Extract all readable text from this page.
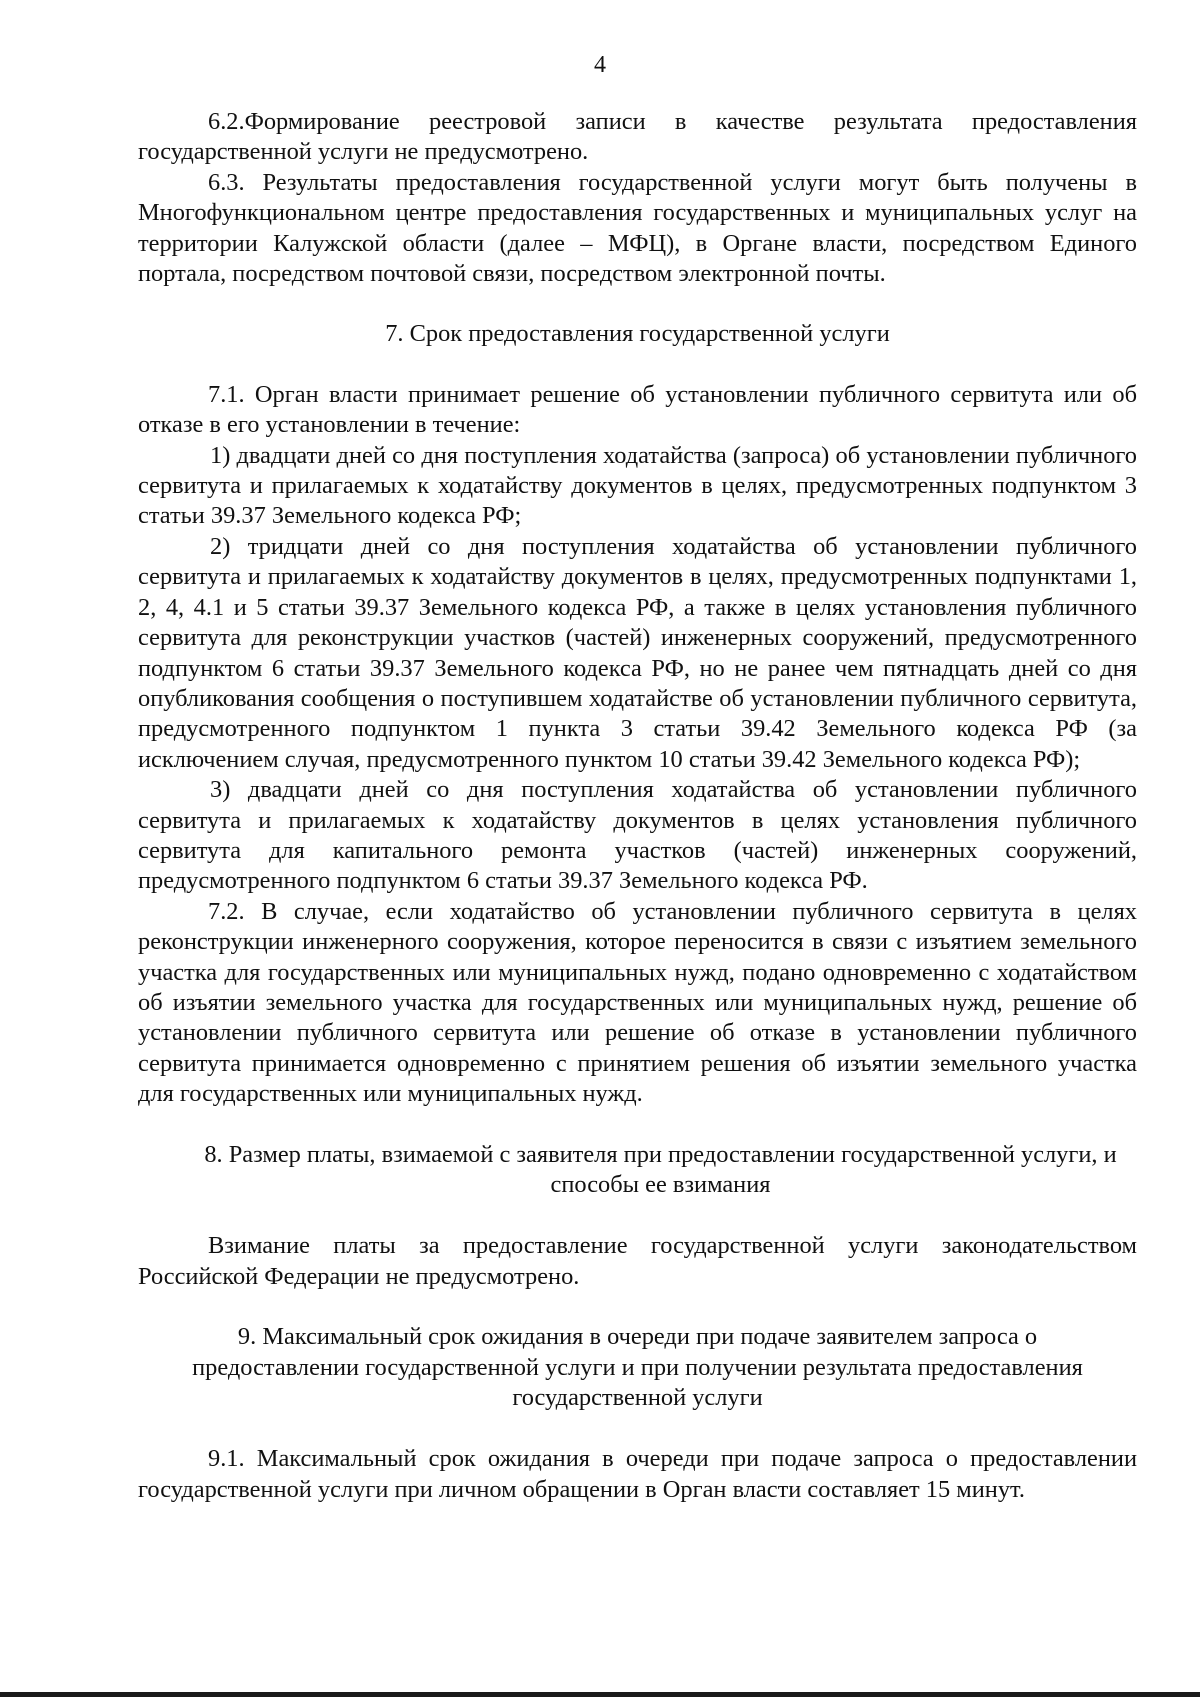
4

6.2.Формирование реестровой записи в качестве результата предоставления государственной услуги не предусмотрено.

6.3. Результаты предоставления государственной услуги могут быть получены в Многофункциональном центре предоставления государственных и муниципальных услуг на территории Калужской области (далее – МФЦ), в Органе власти, посредством Единого портала, посредством почтовой связи, посредством электронной почты.

7. Срок предоставления государственной услуги

7.1. Орган власти принимает решение об установлении публичного сервитута или об отказе в его установлении в течение:

1) двадцати дней со дня поступления ходатайства (запроса) об установлении публичного сервитута и прилагаемых к ходатайству документов в целях, предусмотренных подпунктом 3 статьи 39.37 Земельного кодекса РФ;

2) тридцати дней со дня поступления ходатайства об установлении публичного сервитута и прилагаемых к ходатайству документов в целях, предусмотренных подпунктами 1, 2, 4, 4.1 и 5 статьи 39.37 Земельного кодекса РФ, а также в целях установления публичного сервитута для реконструкции участков (частей) инженерных сооружений, предусмотренного подпунктом 6 статьи 39.37 Земельного кодекса РФ, но не ранее чем пятнадцать дней со дня опубликования сообщения о поступившем ходатайстве об установлении публичного сервитута, предусмотренного подпунктом 1 пункта 3 статьи 39.42 Земельного кодекса РФ (за исключением случая, предусмотренного пунктом 10 статьи 39.42 Земельного кодекса РФ);

3) двадцати дней со дня поступления ходатайства об установлении публичного сервитута и прилагаемых к ходатайству документов в целях установления публичного сервитута для капитального ремонта участков (частей) инженерных сооружений, предусмотренного подпунктом 6 статьи 39.37 Земельного кодекса РФ.

7.2. В случае, если ходатайство об установлении публичного сервитута в целях реконструкции инженерного сооружения, которое переносится в связи с изъятием земельного участка для государственных или муниципальных нужд, подано одновременно с ходатайством об изъятии земельного участка для государственных или муниципальных нужд, решение об установлении публичного сервитута или решение об отказе в установлении публичного сервитута принимается одновременно с принятием решения об изъятии земельного участка для государственных или муниципальных нужд.

8. Размер платы, взимаемой с заявителя при предоставлении государственной услуги, и способы ее взимания

Взимание платы за предоставление государственной услуги законодательством Российской Федерации не предусмотрено.

9. Максимальный срок ожидания в очереди при подаче заявителем запроса о предоставлении государственной услуги и при получении результата предоставления государственной услуги

9.1. Максимальный срок ожидания в очереди при подаче запроса о предоставлении государственной услуги при личном обращении в Орган власти составляет 15 минут.
